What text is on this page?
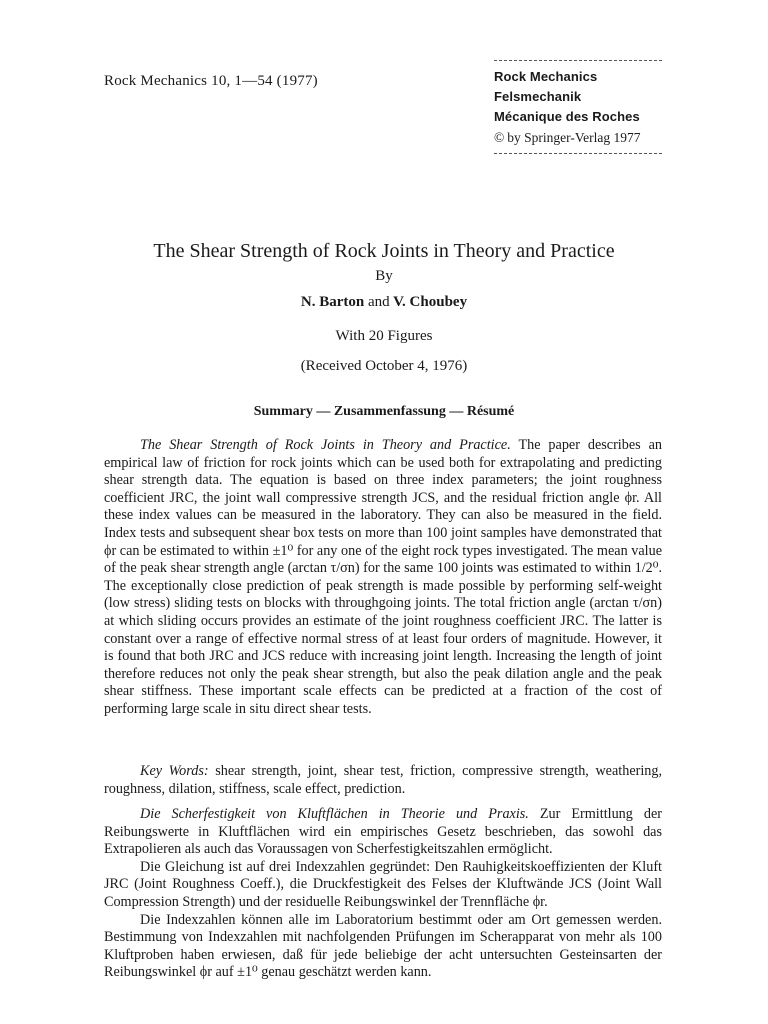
Rock Mechanics 10, 1—54 (1977)	Rock Mechanics
Felsmechanik
Mécanique des Roches
© by Springer-Verlag 1977
The Shear Strength of Rock Joints in Theory and Practice
By
N. Barton and V. Choubey
With 20 Figures
(Received October 4, 1976)
Summary — Zusammenfassung — Résumé

The Shear Strength of Rock Joints in Theory and Practice. The paper describes an empirical law of friction for rock joints which can be used both for extrapolating and predicting shear strength data. The equation is based on three index parameters; the joint roughness coefficient JRC, the joint wall compressive strength JCS, and the residual friction angle ϕr. All these index values can be measured in the laboratory. They can also be measured in the field. Index tests and subsequent shear box tests on more than 100 joint samples have demonstrated that ϕr can be estimated to within ±1⁰ for any one of the eight rock types investigated. The mean value of the peak shear strength angle (arctan τ/σn) for the same 100 joints was estimated to within 1/2⁰. The exceptionally close prediction of peak strength is made possible by performing self-weight (low stress) sliding tests on blocks with throughgoing joints. The total friction angle (arctan τ/σn) at which sliding occurs provides an estimate of the joint roughness coefficient JRC. The latter is constant over a range of effective normal stress of at least four orders of magnitude. However, it is found that both JRC and JCS reduce with increasing joint length. Increasing the length of joint therefore reduces not only the peak shear strength, but also the peak dilation angle and the peak shear stiffness. These important scale effects can be predicted at a fraction of the cost of performing large scale in situ direct shear tests.

Key Words: shear strength, joint, shear test, friction, compressive strength, weathering, roughness, dilation, stiffness, scale effect, prediction.

Die Scherfestigkeit von Kluftflächen in Theorie und Praxis. Zur Ermittlung der Reibungswerte in Kluftflächen wird ein empirisches Gesetz beschrieben, das sowohl das Extrapolieren als auch das Voraussagen von Scherfestigkeitszahlen ermöglicht.

Die Gleichung ist auf drei Indexzahlen gegründet: Den Rauhigkeitskoeffizienten der Kluft JRC (Joint Roughness Coeff.), die Druckfestigkeit des Felses der Kluftwände JCS (Joint Wall Compression Strength) und der residuelle Reibungswinkel der Trennfläche ϕr.

Die Indexzahlen können alle im Laboratorium bestimmt oder am Ort gemessen werden. Bestimmung von Indexzahlen mit nachfolgenden Prüfungen im Scherapparat von mehr als 100 Kluftproben haben erwiesen, daß für jede beliebige der acht untersuchten Gesteinsarten der Reibungswinkel ϕr auf ±1⁰ genau geschätzt werden kann.
